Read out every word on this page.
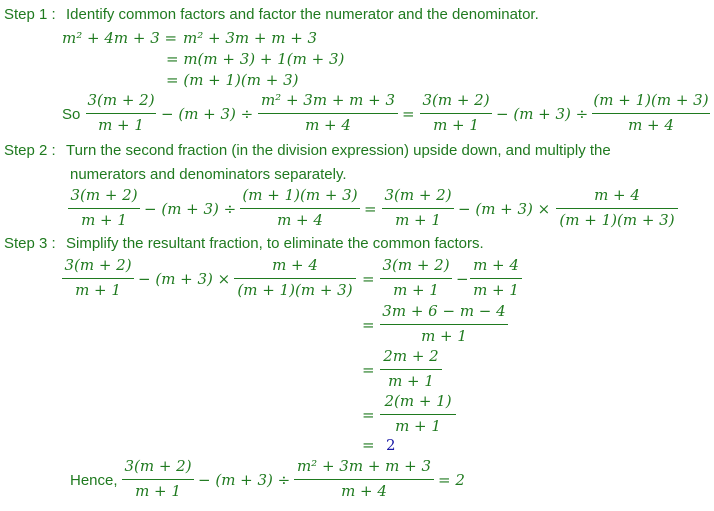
Step 1 : Identify common factors and factor the numerator and the denominator.
m² + 4m + 3 = m² + 3m + m + 3
= m(m + 3) + 1(m + 3)
= (m + 1)(m + 3)
So
3(m + 2)
m + 1
− (m + 3) ÷
m² + 3m + m + 3
m + 4
=
3(m + 2)
m + 1
− (m + 3) ÷
(m + 1)(m + 3)
m + 4
Step 2 : Turn the second fraction (in the division expression) upside down, and multiply the
numerators and denominators separately.
3(m + 2)
m + 1
− (m + 3) ÷
(m + 1)(m + 3)
m + 4
=
3(m + 2)
m + 1
− (m + 3) ×
m + 4
(m + 1)(m + 3)
Step 3 : Simplify the resultant fraction, to eliminate the common factors.
3(m + 2)
m + 1
− (m + 3) ×
m + 4
(m + 1)(m + 3)
=
3(m + 2)
m + 1
−
m + 4
m + 1
=
3m + 6 − m − 4
m + 1
=
2m + 2
m + 1
=
2(m + 1)
m + 1
= 2
Hence,
3(m + 2)
m + 1
− (m + 3) ÷
m² + 3m + m + 3
m + 4
= 2
